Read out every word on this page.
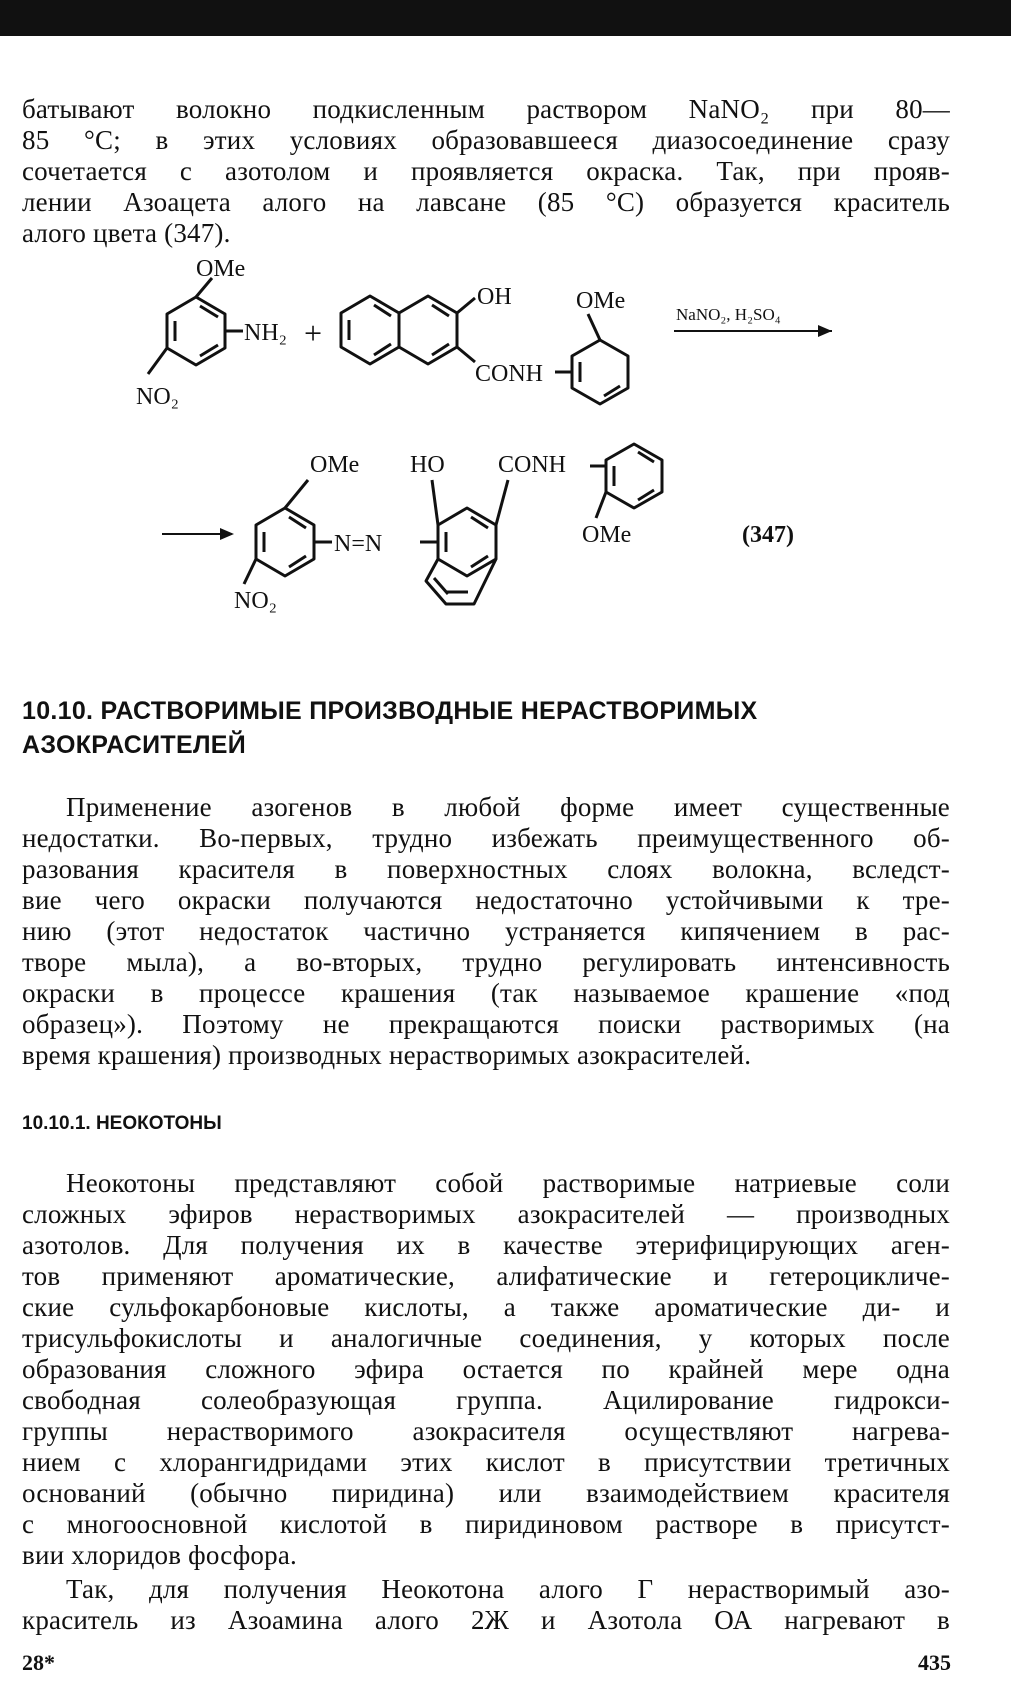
батывают волокно подкисленным раствором NaNO₂ при 80—
85 °C; в этих условиях образовавшееся диазосоединение сразу
сочетается с азотолом и проявляется окраска. Так, при прояв-
лении Азоацета алого на лавсане (85 °C) образуется краситель
алого цвета (347).
OMe
NH₂ +
NO₂
OH
CONH
OMe
NaNO₂, H₂SO₄
OMe HO CONH
N=N
NO₂
OMe	(347)
10.10. РАСТВОРИМЫЕ ПРОИЗВОДНЫЕ НЕРАСТВОРИМЫХ
АЗОКРАСИТЕЛЕЙ
Применение азогенов в любой форме имеет существенные
недостатки. Во-первых, трудно избежать преимущественного об-
разования красителя в поверхностных слоях волокна, вследст-
вие чего окраски получаются недостаточно устойчивыми к тре-
нию (этот недостаток частично устраняется кипячением в рас-
творе мыла), а во-вторых, трудно регулировать интенсивность
окраски в процессе крашения (так называемое крашение «под
образец»). Поэтому не прекращаются поиски растворимых (на
время крашения) производных нерастворимых азокрасителей.
10.10.1. НЕОКОТОНЫ
Неокотоны представляют собой растворимые натриевые соли
сложных эфиров нерастворимых азокрасителей — производных
азотолов. Для получения их в качестве этерифицирующих аген-
тов применяют ароматические, алифатические и гетероцикличе-
ские сульфокарбоновые кислоты, а также ароматические ди- и
трисульфокислоты и аналогичные соединения, у которых после
образования сложного эфира остается по крайней мере одна
свободная солеобразующая группа. Ацилирование гидрокси-
группы нерастворимого азокрасителя осуществляют нагрева-
нием с хлорангидридами этих кислот в присутствии третичных
оснований (обычно пиридина) или взаимодействием красителя
с многоосновной кислотой в пиридиновом растворе в присутст-
вии хлоридов фосфора.
Так, для получения Неокотона алого Г нерастворимый азо-
краситель из Азоамина алого 2Ж и Азотола ОА нагревают в
28*	435
